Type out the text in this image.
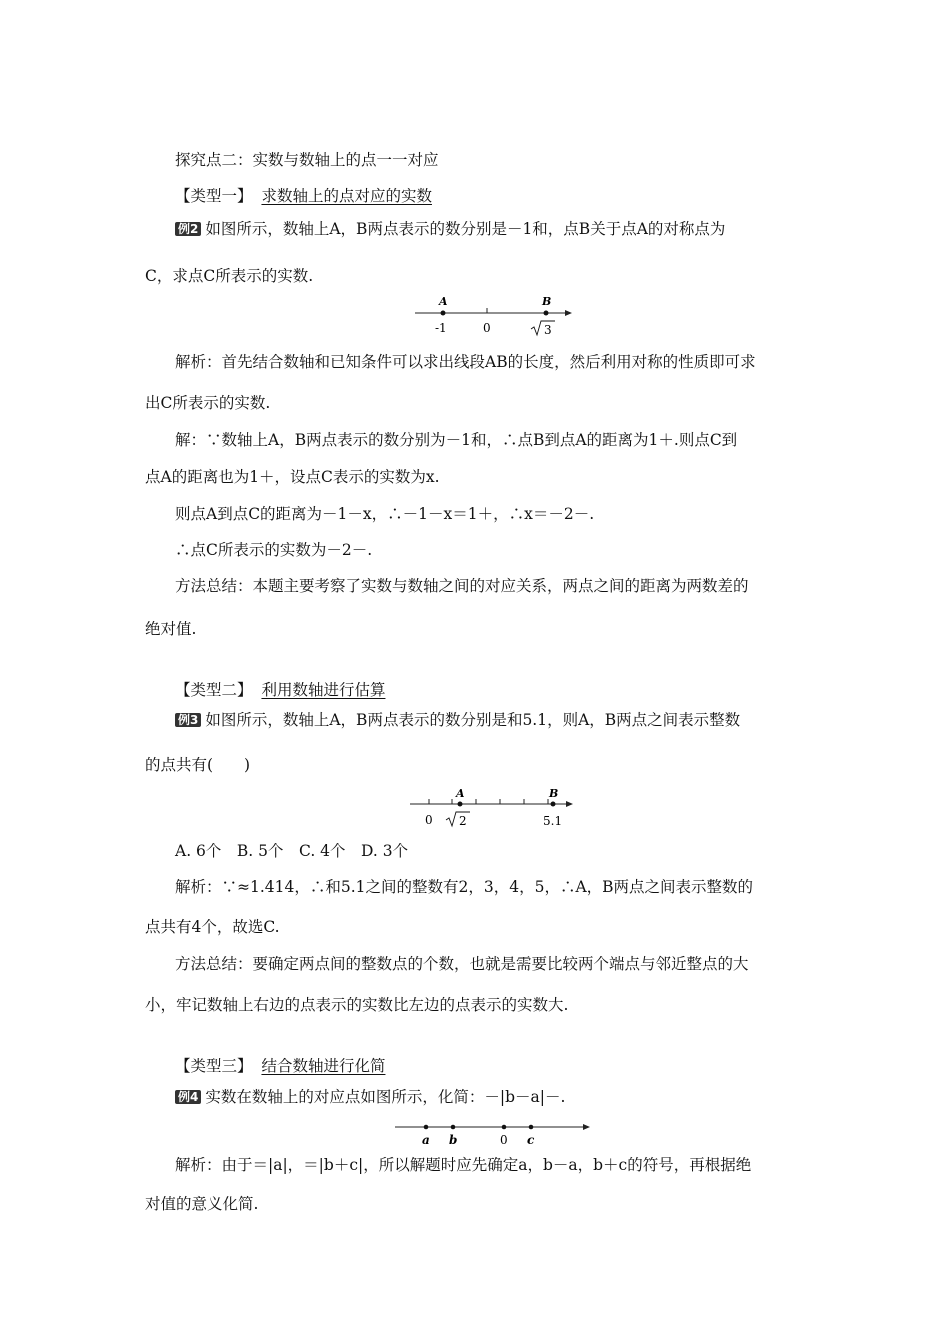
探究点二：实数与数轴上的点一一对应
【类型一】 求数轴上的点对应的实数
例2 如图所示，数轴上A，B两点表示的数分别是－1和，点B关于点A的对称点为
C，求点C所表示的实数.
A	B
-1	0	3
解析：首先结合数轴和已知条件可以求出线段AB的长度，然后利用对称的性质即可求
出C所表示的实数.
解：∵数轴上A，B两点表示的数分别为－1和，∴点B到点A的距离为1＋.则点C到
点A的距离也为1＋，设点C表示的实数为x.
则点A到点C的距离为－1－x，∴－1－x＝1＋，∴x＝－2－.
∴点C所表示的实数为－2－.
方法总结：本题主要考察了实数与数轴之间的对应关系，两点之间的距离为两数差的
绝对值.
【类型二】 利用数轴进行估算
例3 如图所示，数轴上A，B两点表示的数分别是和5.1，则A，B两点之间表示整数
的点共有(　　)
A	B
0 2	5.1
A. 6个　B. 5个　C. 4个　D. 3个
解析：∵≈1.414，∴和5.1之间的整数有2，3，4，5，∴A，B两点之间表示整数的
点共有4个，故选C.
方法总结：要确定两点间的整数点的个数，也就是需要比较两个端点与邻近整点的大
小，牢记数轴上右边的点表示的实数比左边的点表示的实数大.
【类型三】 结合数轴进行化简
例4 实数在数轴上的对应点如图所示，化简：－|b－a|－.
a b	0 c
解析：由于＝|a|，＝|b＋c|，所以解题时应先确定a，b－a，b＋c的符号，再根据绝
对值的意义化简.
